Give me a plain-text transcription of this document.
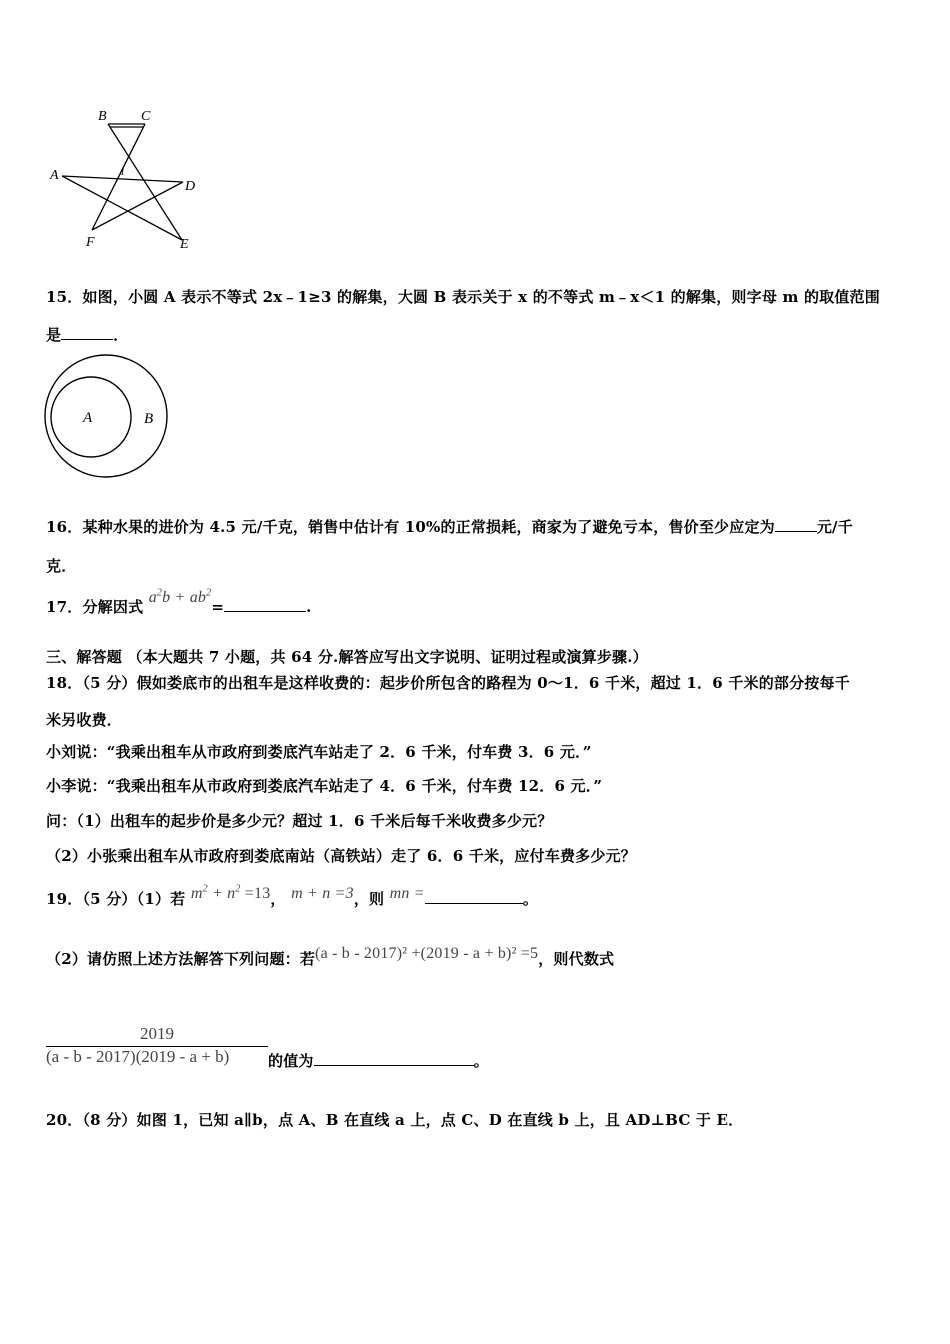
B C
A
D
F	E
1
15．如图，小圆 A 表示不等式 2x﹣1≥3 的解集，大圆 B 表示关于 x 的不等式 m﹣x＜1 的解集，则字母 m 的取值范围
是	．
A	B
16．某种水果的进价为 4.5 元/千克，销售中估计有 10%的正常损耗，商家为了避免亏本，售价至少应定为	元/千
克．
17．分解因式 $a^2b + ab^2=$	.
三、解答题 （本大题共 7 小题，共 64 分.解答应写出文字说明、证明过程或演算步骤.）
18．（5 分）假如娄底市的出租车是这样收费的：起步价所包含的路程为 0～1．6 千米，超过 1．6 千米的部分按每千
米另收费．
小刘说：“我乘出租车从市政府到娄底汽车站走了 2．6 千米，付车费 3．6 元．”
小李说：“我乘出租车从市政府到娄底汽车站走了 4．6 千米，付车费 12．6 元．”
问：（1）出租车的起步价是多少元？超过 1．6 千米后每千米收费多少元？
（2）小张乘出租车从市政府到娄底南站（高铁站）走了 6．6 千米，应付车费多少元？
19．（5 分）（1）若 $m^2 + n^2 =13$， m + n =3，则 mn =	。
（2）请仿照上述方法解答下列问题：若(a - b - 2017)² +(2019 - a + b)² =5，则代数式
2019
(a - b - 2017)(2019 - a + b)	的值为	。
20．（8 分）如图 1，已知 a∥b，点 A、B 在直线 a 上，点 C、D 在直线 b 上，且 AD⊥BC 于 E．
